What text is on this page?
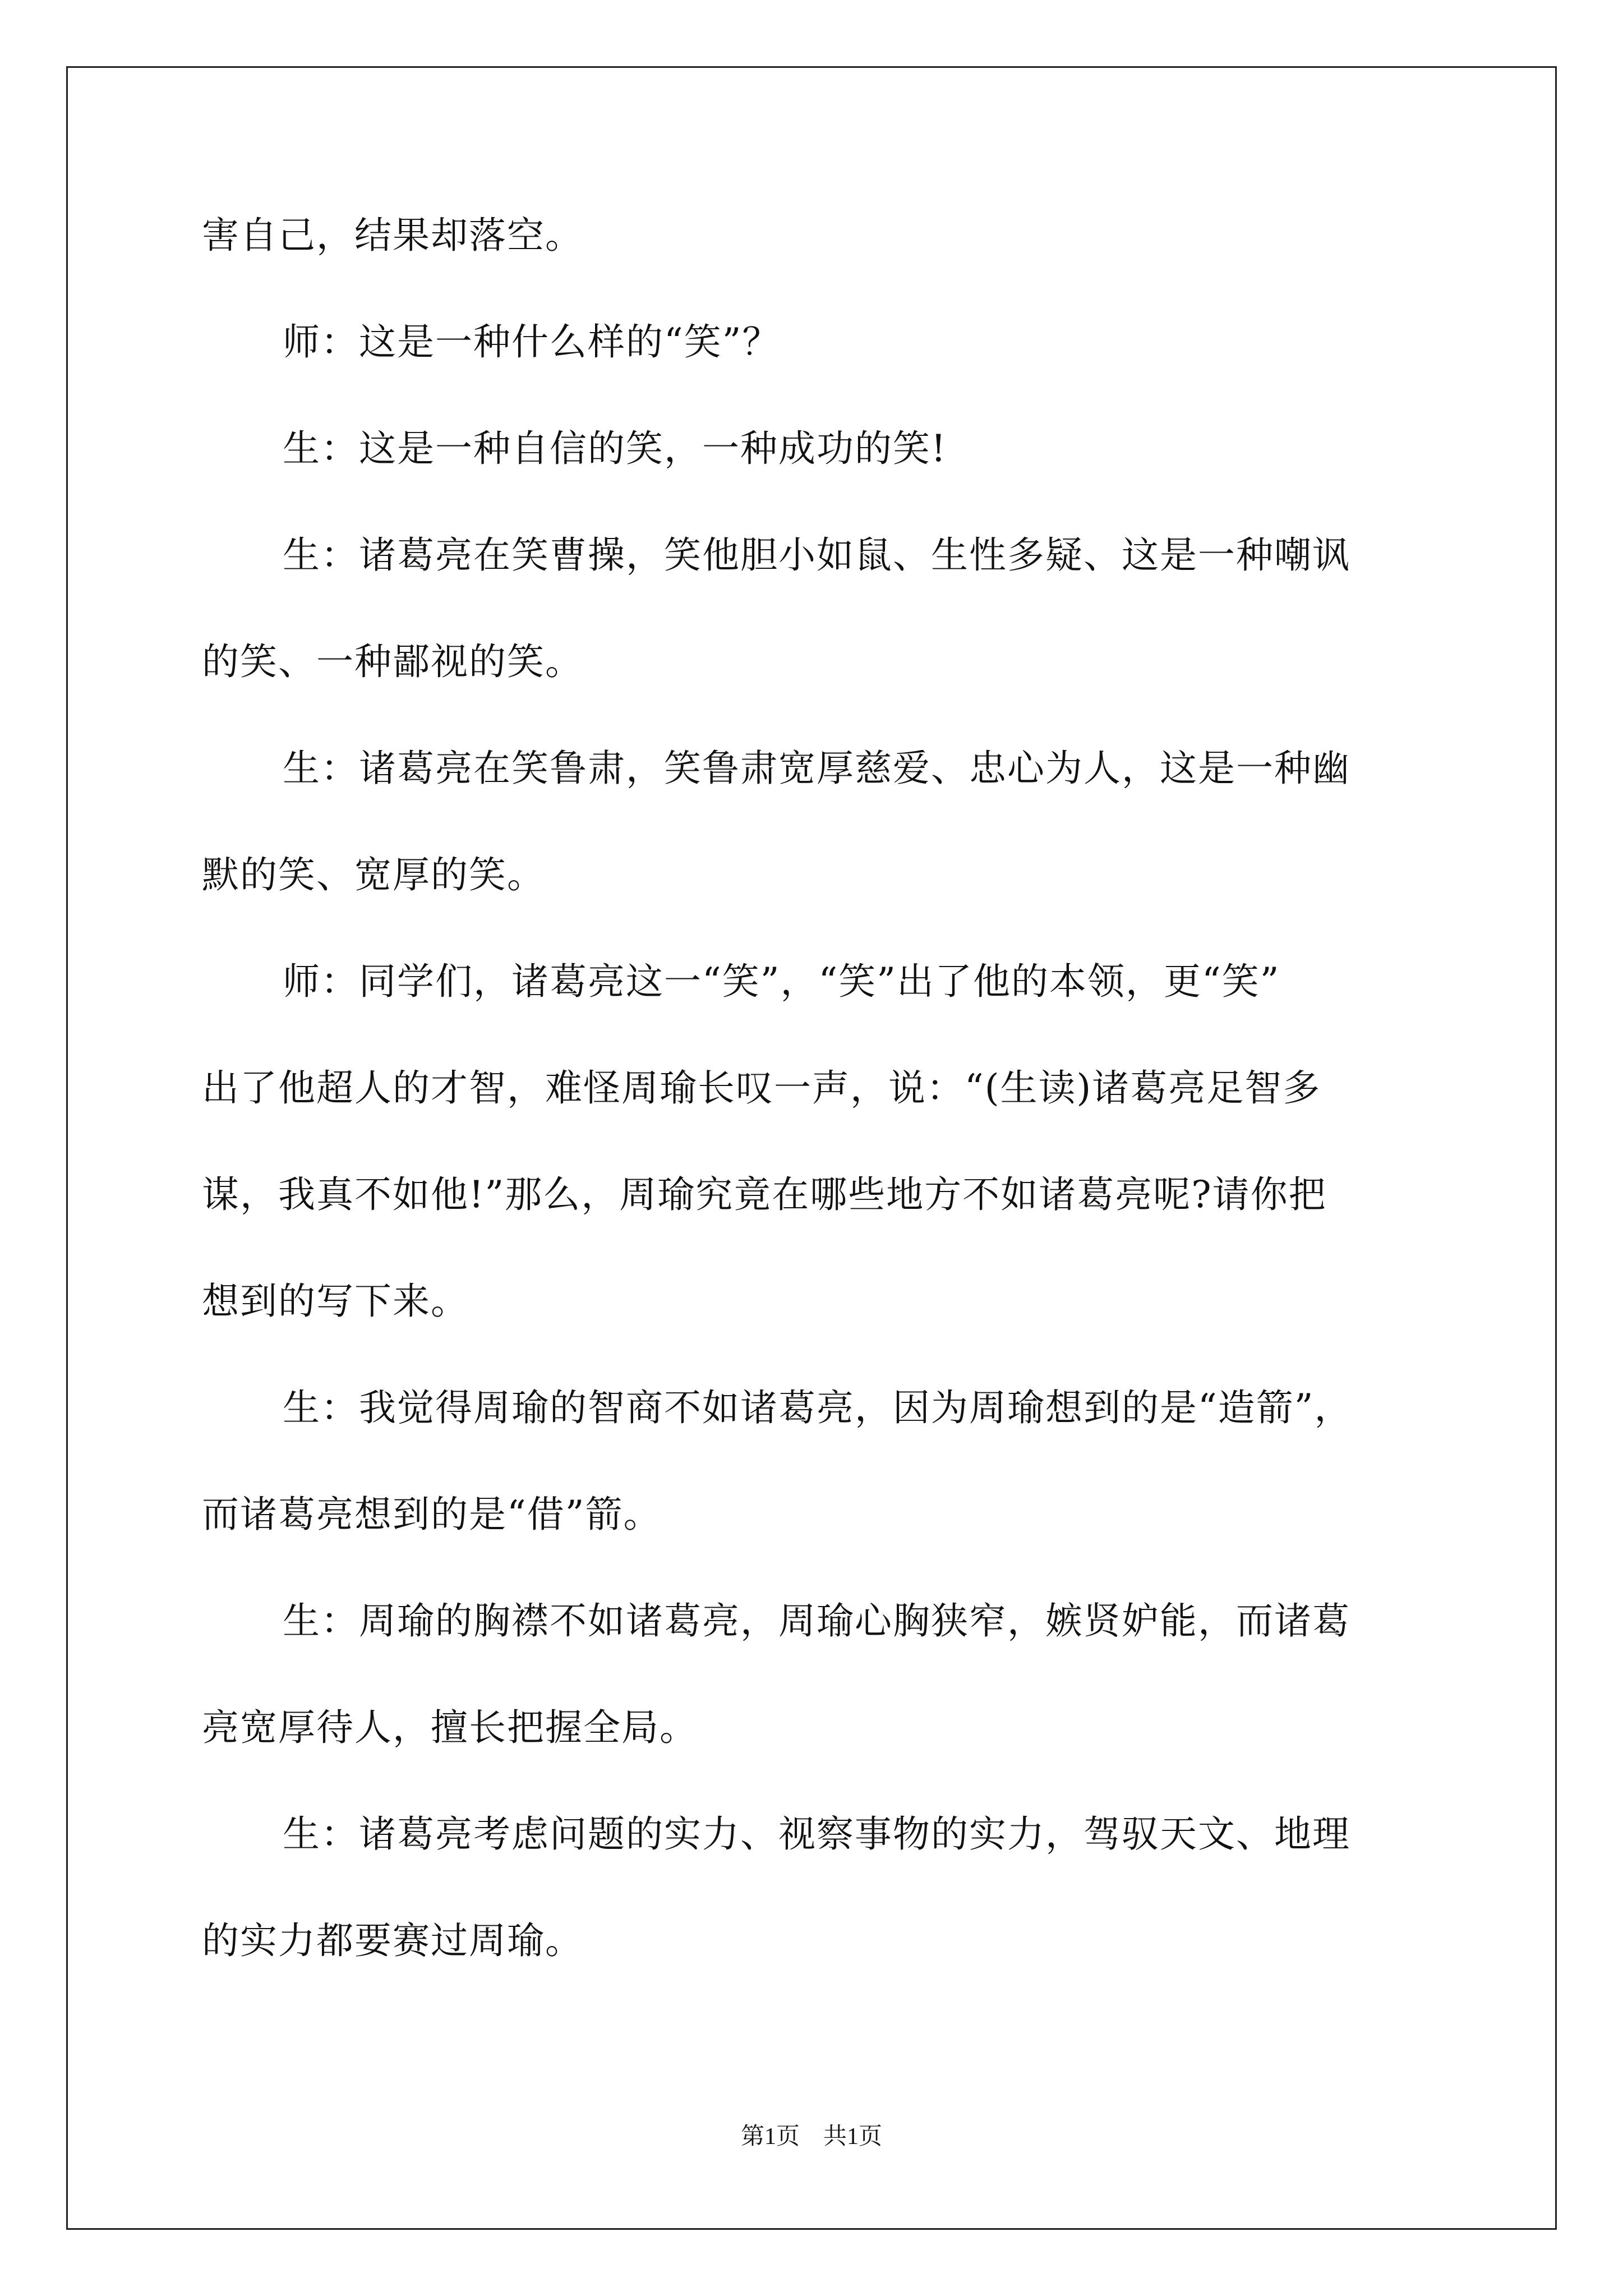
害自己，结果却落空。
师：这是一种什么样的“笑”？
生：这是一种自信的笑，一种成功的笑!
生：诸葛亮在笑曹操，笑他胆小如鼠、生性多疑、这是一种嘲讽
的笑、一种鄙视的笑。
生：诸葛亮在笑鲁肃，笑鲁肃宽厚慈爱、忠心为人，这是一种幽
默的笑、宽厚的笑。
师：同学们，诸葛亮这一“笑”，“笑”出了他的本领，更“笑”
出了他超人的才智，难怪周瑜长叹一声，说：“(生读)诸葛亮足智多
谋，我真不如他!”那么，周瑜究竟在哪些地方不如诸葛亮呢?请你把
想到的写下来。
生：我觉得周瑜的智商不如诸葛亮，因为周瑜想到的是“造箭”，
而诸葛亮想到的是“借”箭。
生：周瑜的胸襟不如诸葛亮，周瑜心胸狭窄，嫉贤妒能，而诸葛
亮宽厚待人，擅长把握全局。
生：诸葛亮考虑问题的实力、视察事物的实力，驾驭天文、地理
的实力都要赛过周瑜。
第1页　共1页
